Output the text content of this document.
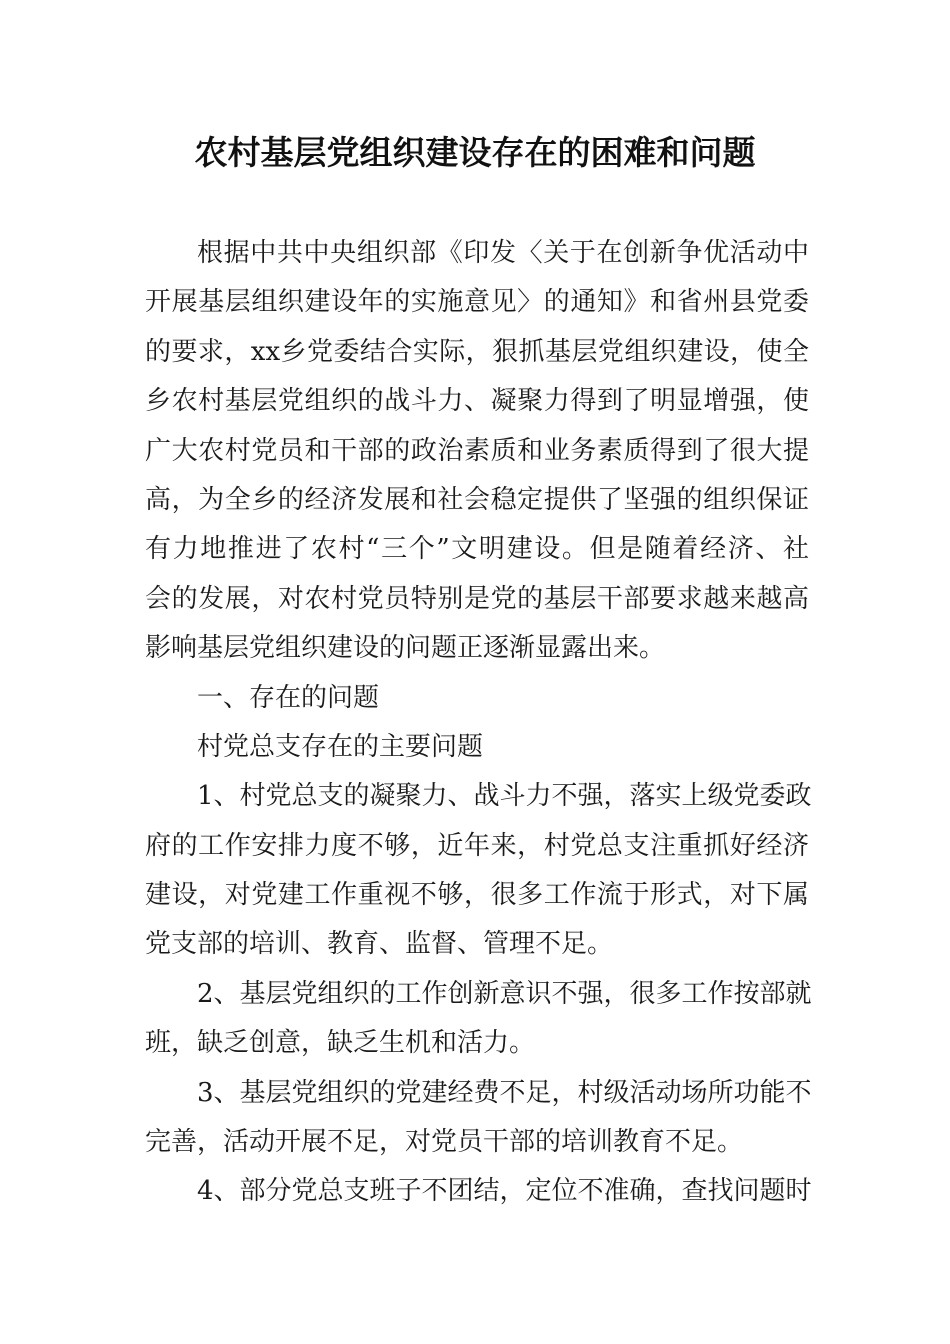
农村基层党组织建设存在的困难和问题
根据中共中央组织部《印发〈关于在创新争优活动中
开展基层组织建设年的实施意见〉的通知》和省州县党委
的要求，xx乡党委结合实际，狠抓基层党组织建设，使全
乡农村基层党组织的战斗力、凝聚力得到了明显增强，使
广大农村党员和干部的政治素质和业务素质得到了很大提
高，为全乡的经济发展和社会稳定提供了坚强的组织保证
有力地推进了农村“三个”文明建设。但是随着经济、社
会的发展，对农村党员特别是党的基层干部要求越来越高
影响基层党组织建设的问题正逐渐显露出来。
一、存在的问题
村党总支存在的主要问题
1、村党总支的凝聚力、战斗力不强，落实上级党委政
府的工作安排力度不够，近年来，村党总支注重抓好经济
建设，对党建工作重视不够，很多工作流于形式，对下属
党支部的培训、教育、监督、管理不足。
2、基层党组织的工作创新意识不强，很多工作按部就
班，缺乏创意，缺乏生机和活力。
3、基层党组织的党建经费不足，村级活动场所功能不
完善，活动开展不足，对党员干部的培训教育不足。
4、部分党总支班子不团结，定位不准确，查找问题时
